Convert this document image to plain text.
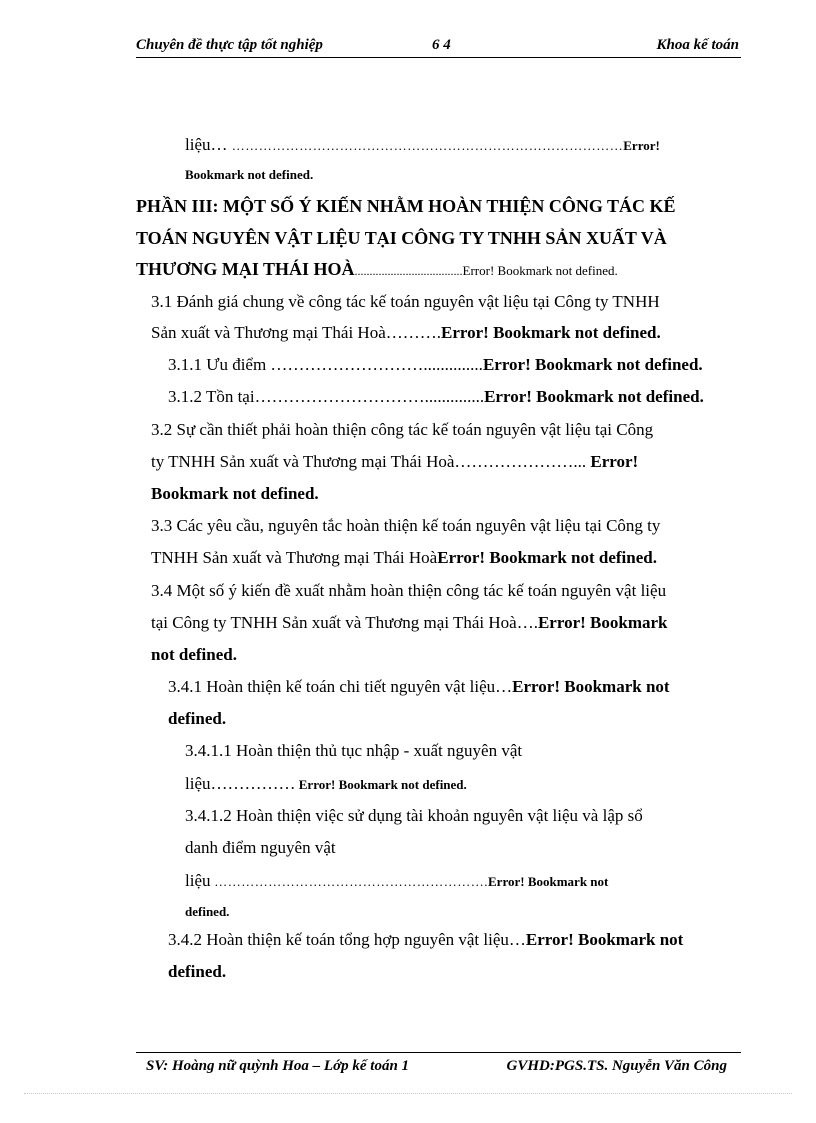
Chuyên đề thực tập tốt nghiệp	6 4	Khoa kế toán
liệu… ……………………………………………………………………………Error!
Bookmark not defined.
PHẦN III: MỘT SỐ Ý KIẾN NHẰM HOÀN THIỆN CÔNG TÁC KẾ
TOÁN NGUYÊN VẬT LIỆU TẠI CÔNG TY TNHH SẢN XUẤT VÀ
THƯƠNG MẠI THÁI HOÀ....................................Error! Bookmark not defined.
3.1 Đánh giá chung về công tác kế toán nguyên vật liệu tại Công ty TNHH
Sản xuất và Thương mại Thái Hoà……….Error! Bookmark not defined.
3.1.1 Ưu điểm ………………………..............Error! Bookmark not defined.
3.1.2 Tồn tại…………………………..............Error! Bookmark not defined.
3.2 Sự cần thiết phải hoàn thiện công tác kế toán nguyên vật liệu tại Công
ty TNHH Sản xuất và Thương mại Thái Hoà…………………... Error!
Bookmark not defined.
3.3 Các yêu cầu, nguyên tắc hoàn thiện kế toán nguyên vật liệu tại Công ty
TNHH Sản xuất và Thương mại Thái HoàError! Bookmark not defined.
3.4 Một số ý kiến đề xuất nhằm hoàn thiện công tác kế toán nguyên vật liệu
tại Công ty TNHH Sản xuất và Thương mại Thái Hoà….Error! Bookmark
not defined.
3.4.1 Hoàn thiện kế toán chi tiết nguyên vật liệu…Error! Bookmark not
defined.
3.4.1.1 Hoàn thiện thủ tục nhập - xuất nguyên vật
liệu…………… Error! Bookmark not defined.
3.4.1.2 Hoàn thiện việc sử dụng tài khoản nguyên vật liệu và lập sổ
danh điểm nguyên vật
liệu …………………………………………………….Error! Bookmark not
defined.
3.4.2 Hoàn thiện kế toán tổng hợp nguyên vật liệu…Error! Bookmark not
defined.
SV: Hoàng nữ quỳnh Hoa – Lớp kế toán 1	GVHD:PGS.TS. Nguyễn Văn Công
